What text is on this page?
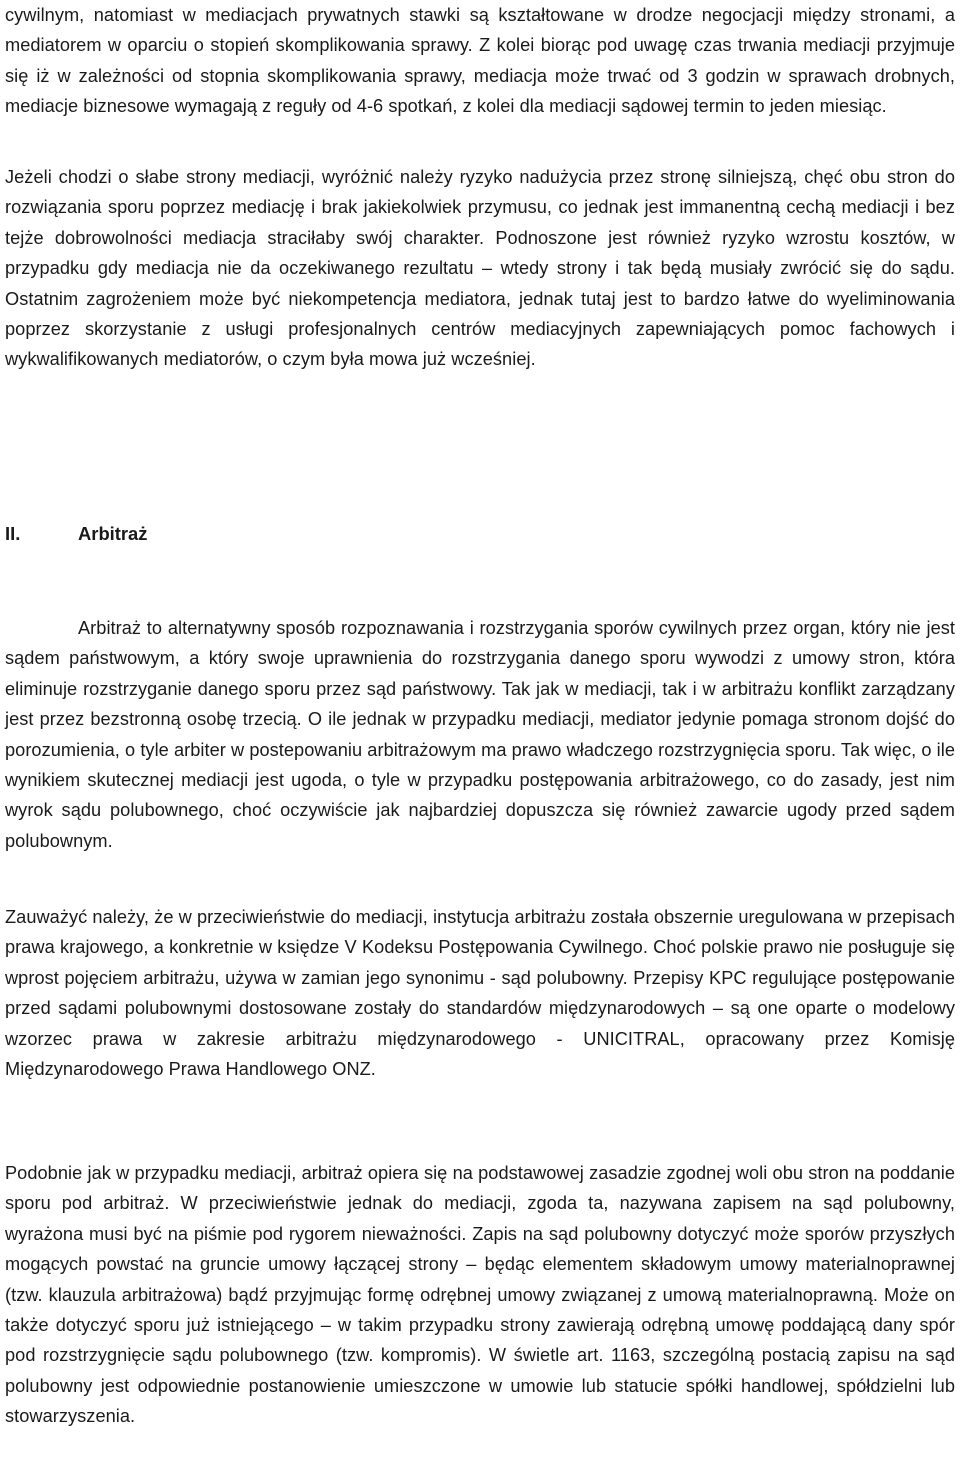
cywilnym, natomiast w mediacjach prywatnych stawki są kształtowane w drodze negocjacji między stronami, a mediatorem w oparciu o stopień skomplikowania sprawy. Z kolei biorąc pod uwagę czas trwania mediacji przyjmuje się iż w zależności od stopnia skomplikowania sprawy, mediacja może trwać od 3 godzin w sprawach drobnych, mediacje biznesowe wymagają z reguły od 4-6 spotkań, z kolei dla mediacji sądowej termin to jeden miesiąc.

Jeżeli chodzi o słabe strony mediacji, wyróżnić należy ryzyko nadużycia przez stronę silniejszą, chęć obu stron do rozwiązania sporu poprzez mediację i brak jakiekolwiek przymusu, co jednak jest immanentną cechą mediacji i bez tejże dobrowolności mediacja straciłaby swój charakter. Podnoszone jest również ryzyko wzrostu kosztów, w przypadku gdy mediacja nie da oczekiwanego rezultatu – wtedy strony i tak będą musiały zwrócić się do sądu. Ostatnim zagrożeniem może być niekompetencja mediatora, jednak tutaj jest to bardzo łatwe do wyeliminowania poprzez skorzystanie z usługi profesjonalnych centrów mediacyjnych zapewniających pomoc fachowych i wykwalifikowanych mediatorów, o czym była mowa już wcześniej.

II.	Arbitraż

Arbitraż to alternatywny sposób rozpoznawania i rozstrzygania sporów cywilnych przez organ, który nie jest sądem państwowym, a który swoje uprawnienia do rozstrzygania danego sporu wywodzi z umowy stron, która eliminuje rozstrzyganie danego sporu przez sąd państwowy. Tak jak w mediacji, tak i w arbitrażu konflikt zarządzany jest przez bezstronną osobę trzecią. O ile jednak w przypadku mediacji, mediator jedynie pomaga stronom dojść do porozumienia, o tyle arbiter w postepowaniu arbitrażowym ma prawo władczego rozstrzygnięcia sporu. Tak więc, o ile wynikiem skutecznej mediacji jest ugoda, o tyle w przypadku postępowania arbitrażowego, co do zasady, jest nim wyrok sądu polubownego, choć oczywiście jak najbardziej dopuszcza się również zawarcie ugody przed sądem polubownym.

Zauważyć należy, że w przeciwieństwie do mediacji, instytucja arbitrażu została obszernie uregulowana w przepisach prawa krajowego, a konkretnie w księdze V Kodeksu Postępowania Cywilnego. Choć polskie prawo nie posługuje się wprost pojęciem arbitrażu, używa w zamian jego synonimu - sąd polubowny. Przepisy KPC regulujące postępowanie przed sądami polubownymi dostosowane zostały do standardów międzynarodowych – są one oparte o modelowy wzorzec prawa w zakresie arbitrażu międzynarodowego - UNICITRAL, opracowany przez Komisję Międzynarodowego Prawa Handlowego ONZ.

Podobnie jak w przypadku mediacji, arbitraż opiera się na podstawowej zasadzie zgodnej woli obu stron na poddanie sporu pod arbitraż. W przeciwieństwie jednak do mediacji, zgoda ta, nazywana zapisem na sąd polubowny, wyrażona musi być na piśmie pod rygorem nieważności. Zapis na sąd polubowny dotyczyć może sporów przyszłych mogących powstać na gruncie umowy łączącej strony – będąc elementem składowym umowy materialnoprawnej (tzw. klauzula arbitrażowa) bądź przyjmując formę odrębnej umowy związanej z umową materialnoprawną. Może on także dotyczyć sporu już istniejącego – w takim przypadku strony zawierają odrębną umowę poddającą dany spór pod rozstrzygnięcie sądu polubownego (tzw. kompromis). W świetle art. 1163, szczególną postacią zapisu na sąd polubowny jest odpowiednie postanowienie umieszczone w umowie lub statucie spółki handlowej, spółdzielni lub stowarzyszenia.
